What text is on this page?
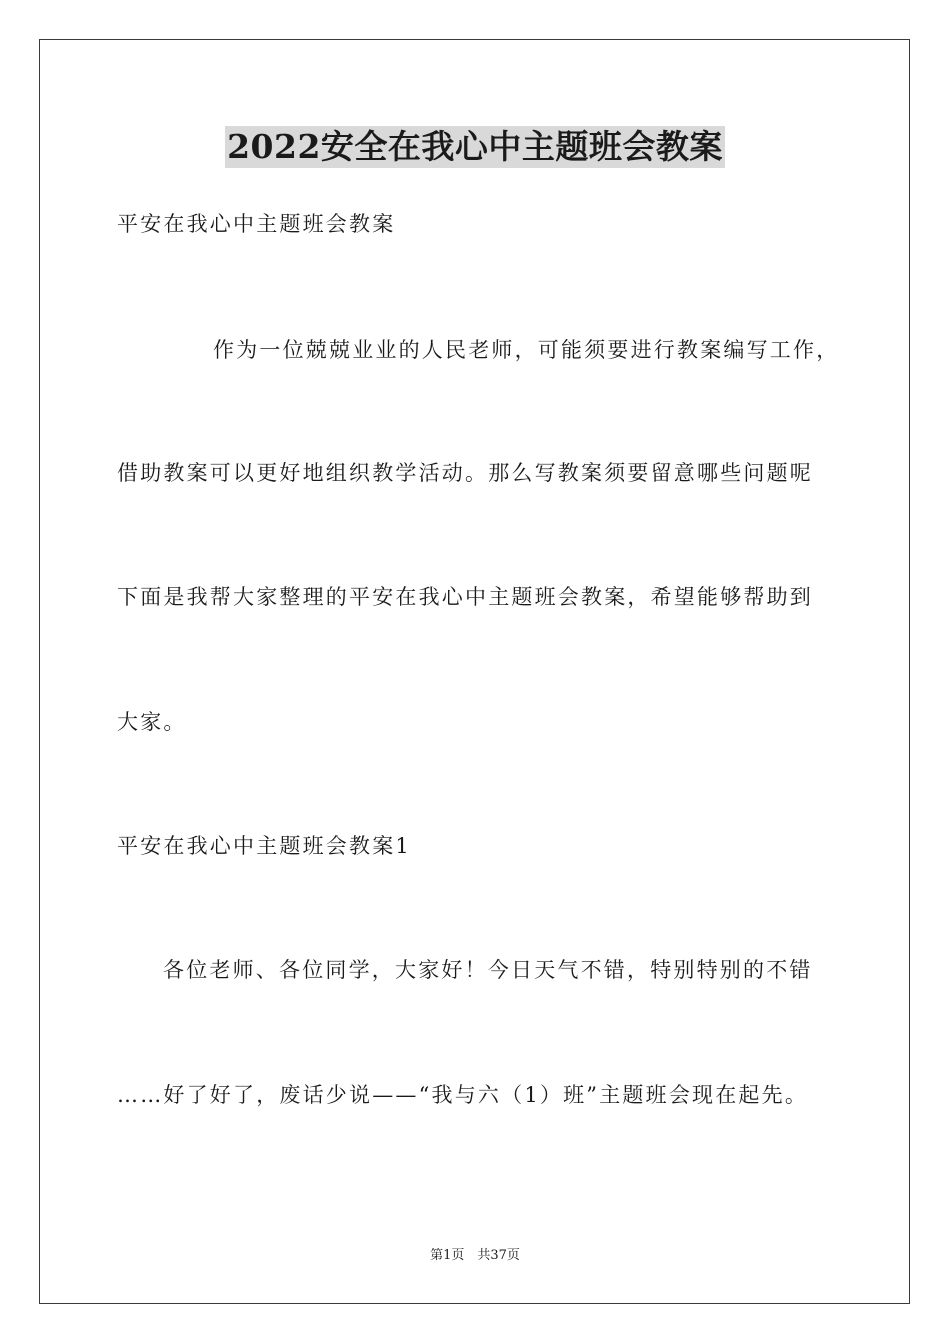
2022安全在我心中主题班会教案
平安在我心中主题班会教案
作为一位兢兢业业的人民老师，可能须要进行教案编写工作，
借助教案可以更好地组织教学活动。那么写教案须要留意哪些问题呢
下面是我帮大家整理的平安在我心中主题班会教案，希望能够帮助到
大家。
平安在我心中主题班会教案1
各位老师、各位同学，大家好！今日天气不错，特别特别的不错
……好了好了，废话少说——“我与六（1）班”主题班会现在起先。
第1页　共37页
